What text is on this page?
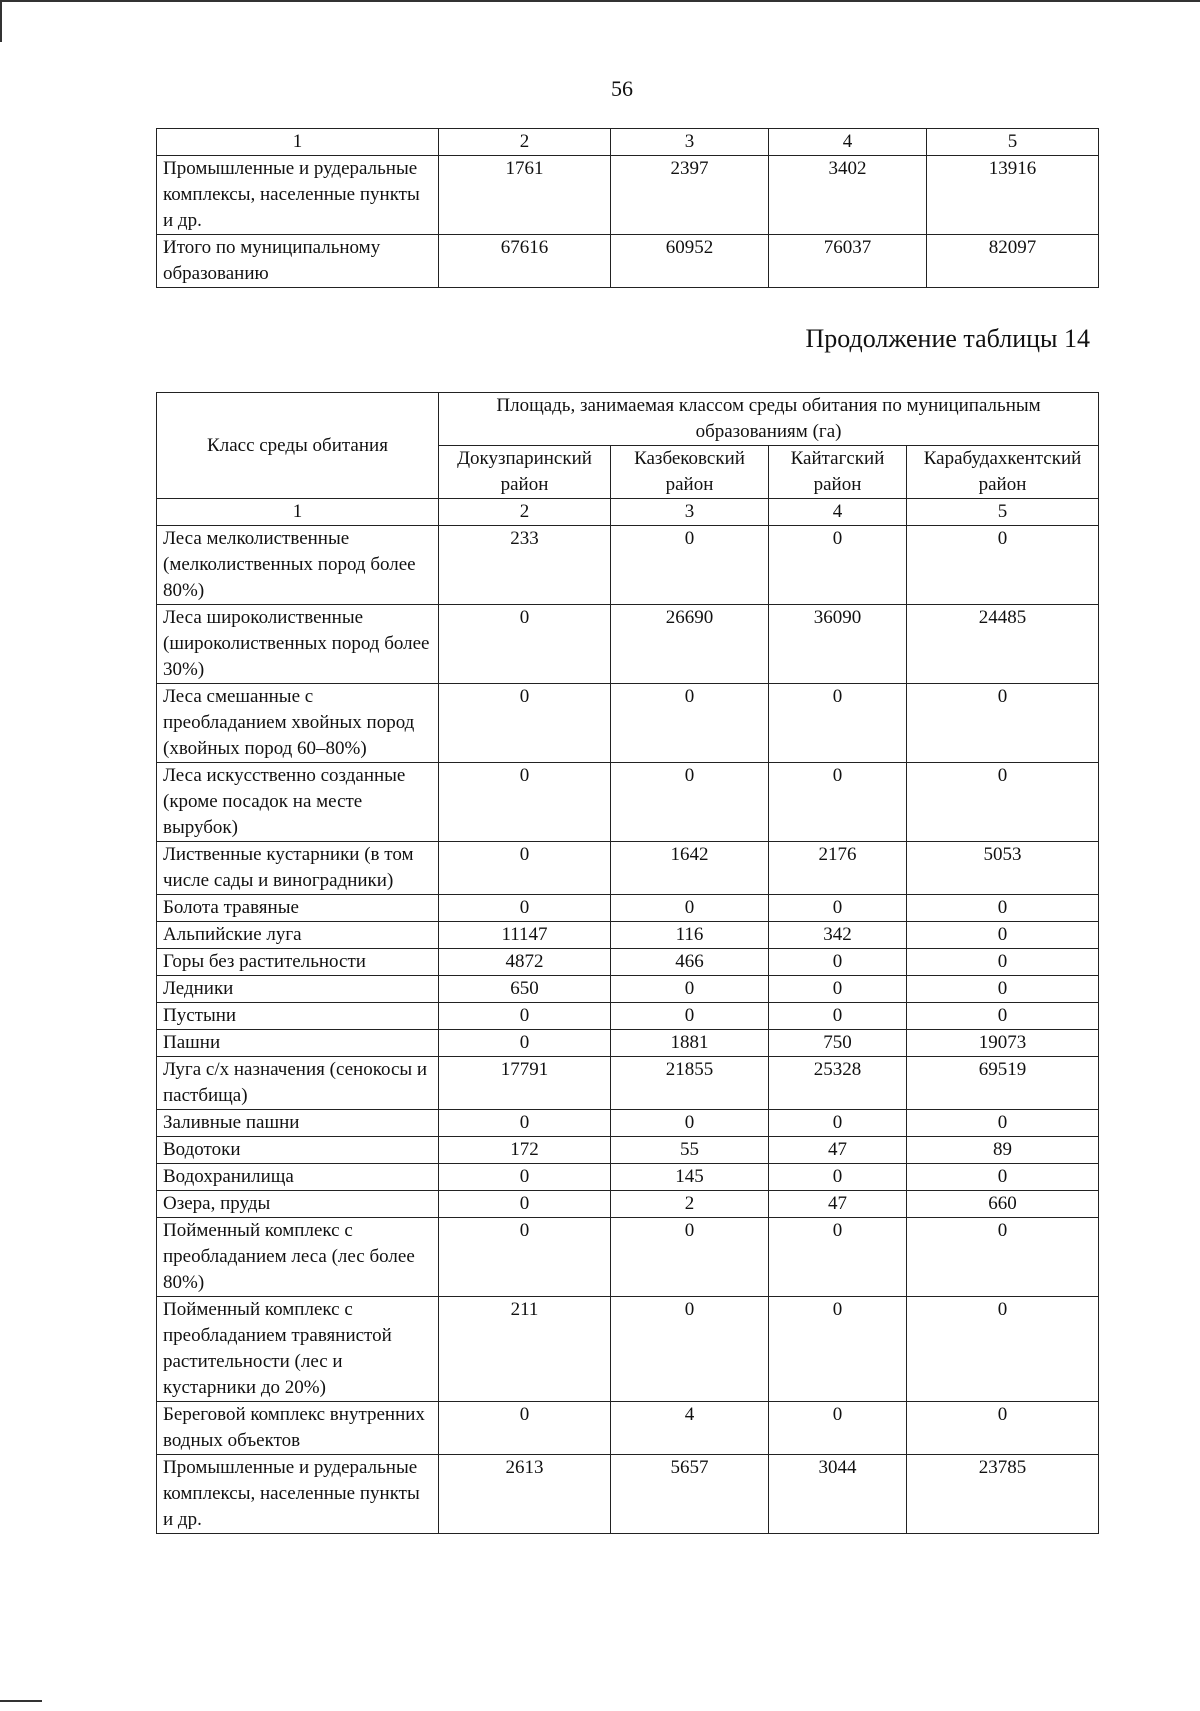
56
1	2	3	4	5
Промышленные и рудеральные комплексы, населенные пункты и др.	1761	2397	3402	13916
Итого по муниципальному образованию	67616	60952	76037	82097
Продолжение таблицы 14
Класс среды обитания	Площадь, занимаемая классом среды обитания по муниципальным образованиям (га)			
	Докузпаринский район	Казбековский район	Кайтагский район	Карабудахкентский район
1	2	3	4	5
Леса мелколиственные (мелколиственных пород более 80%)	233	0	0	0
Леса широколиственные (широколиственных пород более 30%)	0	26690	36090	24485
Леса смешанные с преобладанием хвойных пород (хвойных пород 60–80%)	0	0	0	0
Леса искусственно созданные (кроме посадок на месте вырубок)	0	0	0	0
Лиственные кустарники (в том числе сады и виноградники)	0	1642	2176	5053
Болота травяные	0	0	0	0
Альпийские луга	11147	116	342	0
Горы без растительности	4872	466	0	0
Ледники	650	0	0	0
Пустыни	0	0	0	0
Пашни	0	1881	750	19073
Луга с/х назначения (сенокосы и пастбища)	17791	21855	25328	69519
Заливные пашни	0	0	0	0
Водотоки	172	55	47	89
Водохранилища	0	145	0	0
Озера, пруды	0	2	47	660
Пойменный комплекс с преобладанием леса (лес более 80%)	0	0	0	0
Пойменный комплекс с преобладанием травянистой растительности (лес и кустарники до 20%)	211	0	0	0
Береговой комплекс внутренних водных объектов	0	4	0	0
Промышленные и рудеральные комплексы, населенные пункты и др.	2613	5657	3044	23785
